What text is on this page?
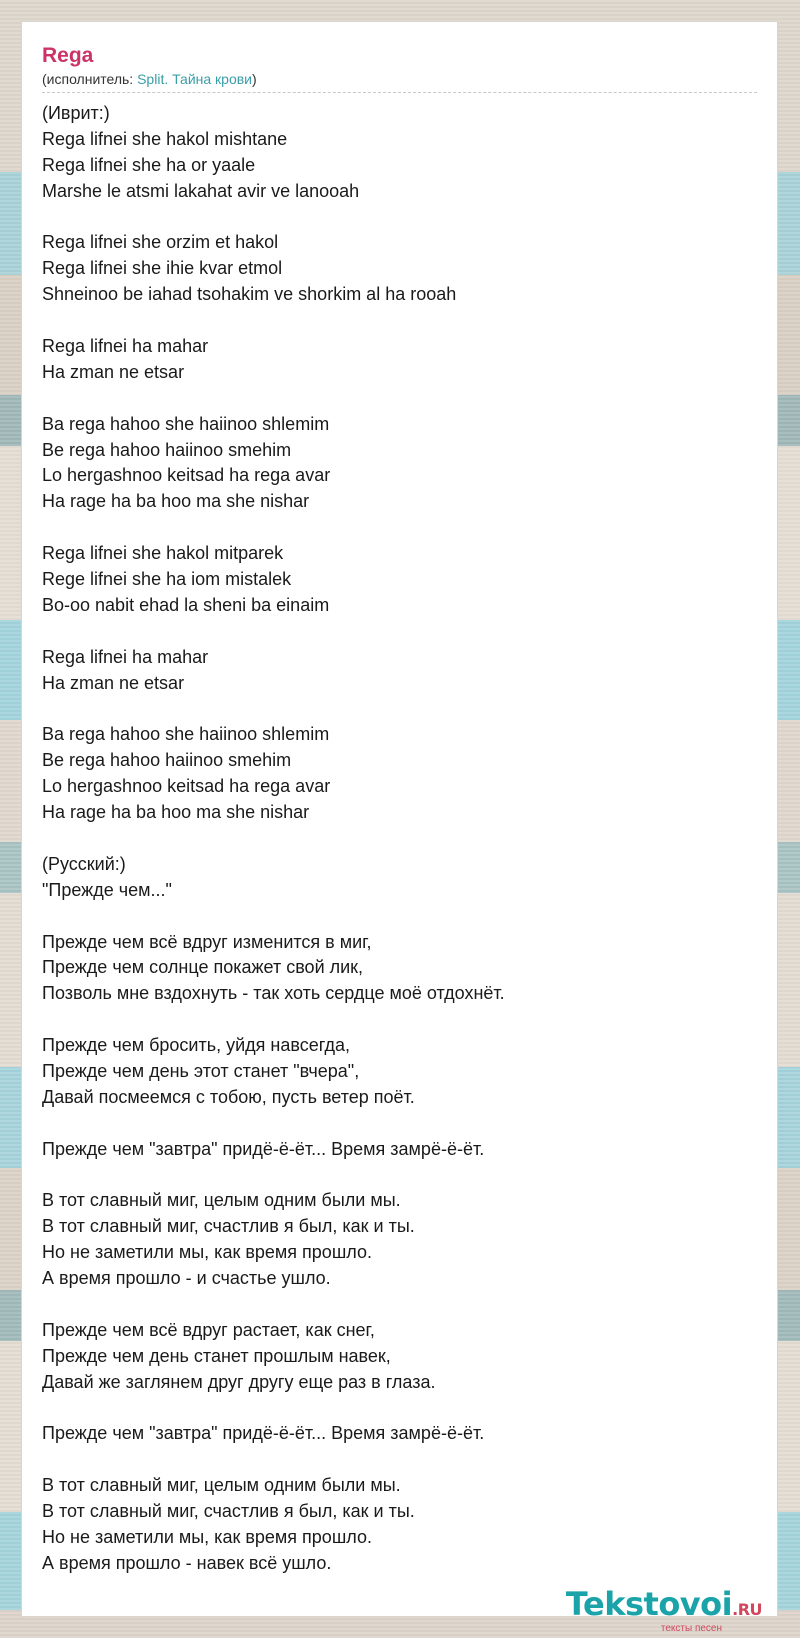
Rega
(исполнитель: Split. Тайна крови)
(Иврит:)
Rega lifnei she hakol mishtane
Rega lifnei she ha or yaale
Marshe le atsmi lakahat avir ve lanooah
Rega lifnei she orzim et hakol
Rega lifnei she ihie kvar etmol
Shneinoo be iahad tsohakim ve shorkim al ha rooah
Rega lifnei ha mahar
Ha zman ne etsar
Ba rega hahoo she haiinoo shlemim
Be rega hahoo haiinoo smehim
Lo hergashnoo keitsad ha rega avar
Ha rage ha ba hoo ma she nishar
Rega lifnei she hakol mitparek
Rege lifnei she ha iom mistalek
Bo-oo nabit ehad la sheni ba einaim
Rega lifnei ha mahar
Ha zman ne etsar
Ba rega hahoo she haiinoo shlemim
Be rega hahoo haiinoo smehim
Lo hergashnoo keitsad ha rega avar
Ha rage ha ba hoo ma she nishar
(Русский:)
"Прежде чем..."
Прежде чем всё вдруг изменится в миг,
Прежде чем солнце покажет свой лик,
Позволь мне вздохнуть - так хоть сердце моё отдохнёт.
Прежде чем бросить, уйдя навсегда,
Прежде чем день этот станет "вчера",
Давай посмеемся с тобою, пусть ветер поёт.
Прежде чем "завтра" придё-ё-ёт... Время замрё-ё-ёт.
В тот славный миг, целым одним были мы.
В тот славный миг, счастлив я был, как и ты.
Но не заметили мы, как время прошло.
А время прошло - и счастье ушло.
Прежде чем всё вдруг растает, как снег,
Прежде чем день станет прошлым навек,
Давай же заглянем друг другу еще раз в глаза.
Прежде чем "завтра" придё-ё-ёт... Время замрё-ё-ёт.
В тот славный миг, целым одним были мы.
В тот славный миг, счастлив я был, как и ты.
Но не заметили мы, как время прошло.
А время прошло - навек всё ушло.
Tekstovoi.RU
тексты песен
